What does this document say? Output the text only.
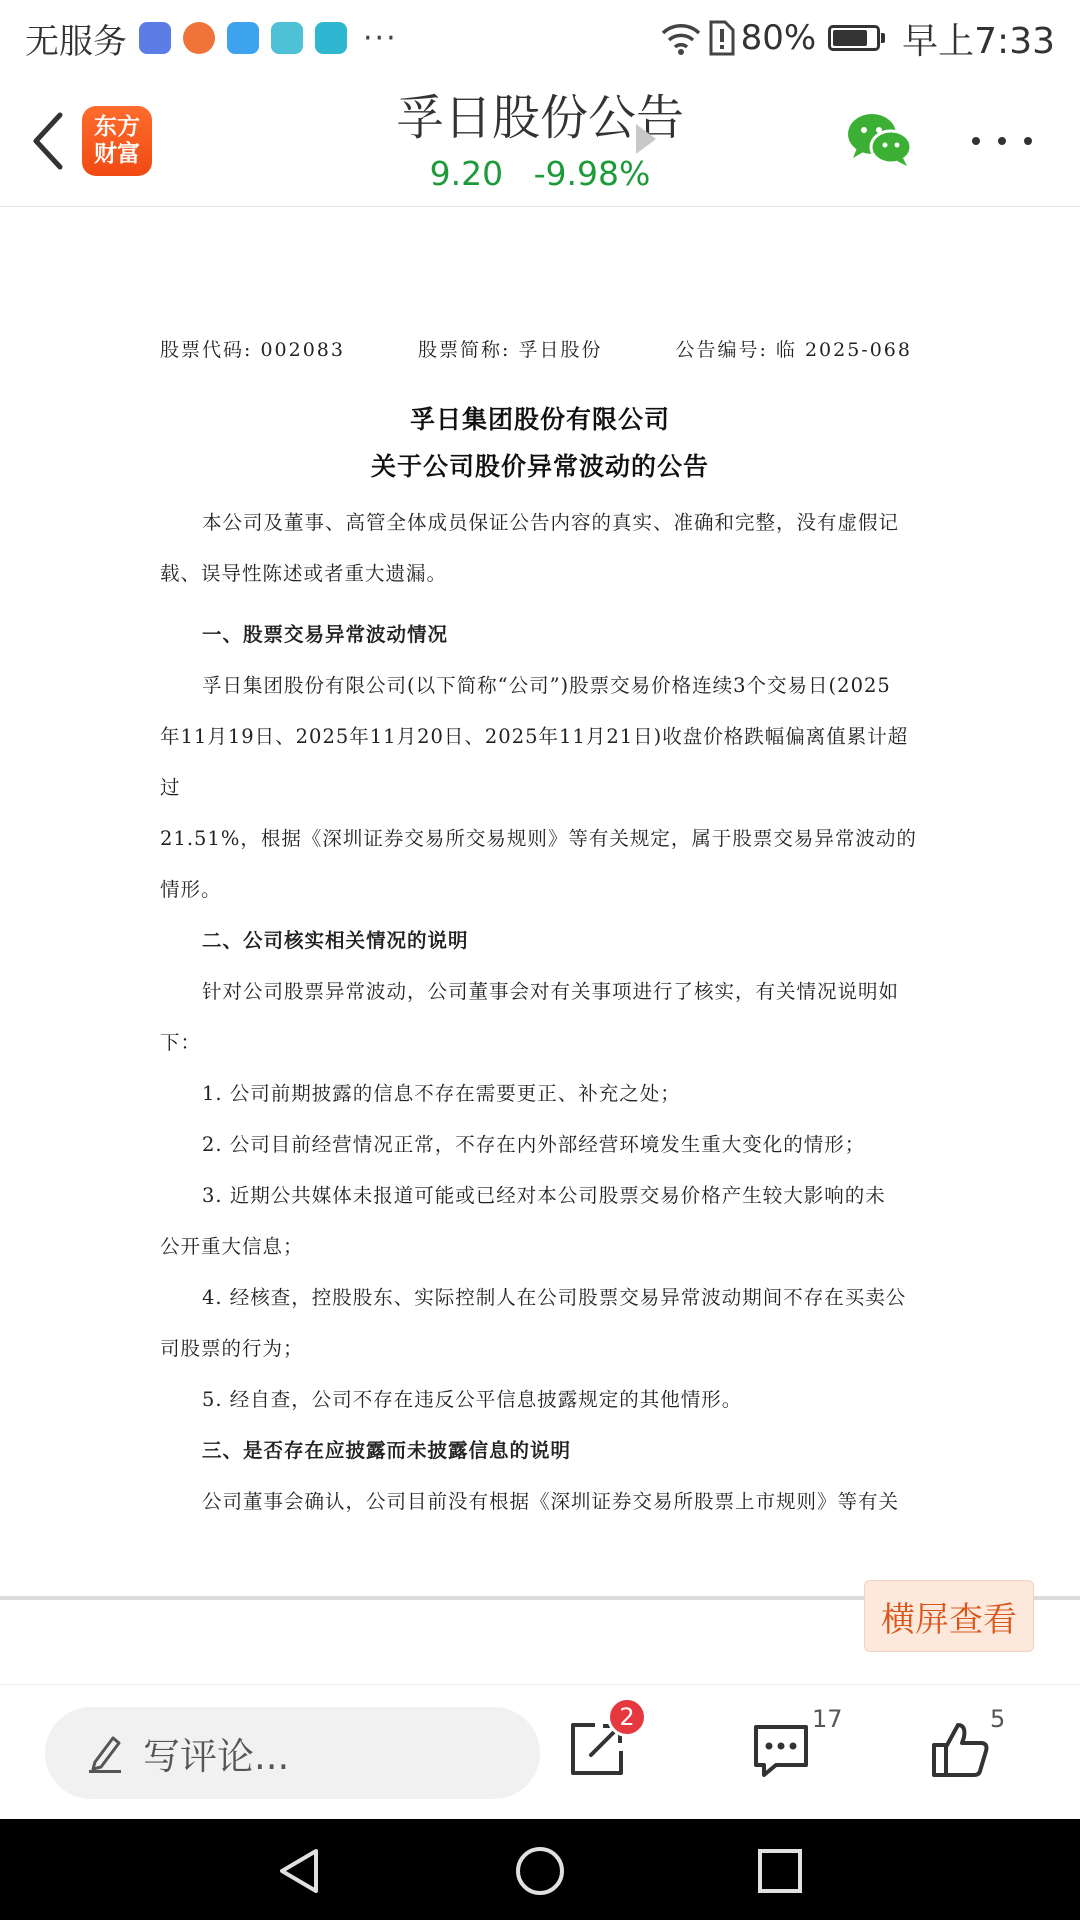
无服务	···	80% 早上7:33
东方
财富
孚日股份公告
9.20 -9.98%
股票代码: 002083	股票简称: 孚日股份	公告编号: 临 2025-068
孚日集团股份有限公司
关于公司股价异常波动的公告
本公司及董事、高管全体成员保证公告内容的真实、准确和完整，没有虚假记
载、误导性陈述或者重大遗漏。
一、股票交易异常波动情况
孚日集团股份有限公司(以下简称“公司”)股票交易价格连续3个交易日(2025
年11月19日、2025年11月20日、2025年11月21日)收盘价格跌幅偏离值累计超过
21.51%，根据《深圳证券交易所交易规则》等有关规定，属于股票交易异常波动的
情形。
二、公司核实相关情况的说明
针对公司股票异常波动，公司董事会对有关事项进行了核实，有关情况说明如
下：
1. 公司前期披露的信息不存在需要更正、补充之处；
2. 公司目前经营情况正常，不存在内外部经营环境发生重大变化的情形；
3. 近期公共媒体未报道可能或已经对本公司股票交易价格产生较大影响的未
公开重大信息；
4. 经核查，控股股东、实际控制人在公司股票交易异常波动期间不存在买卖公
司股票的行为；
5. 经自查，公司不存在违反公平信息披露规定的其他情形。
三、是否存在应披露而未披露信息的说明
公司董事会确认，公司目前没有根据《深圳证券交易所股票上市规则》等有关
横屏查看
写评论...
2	17	5
